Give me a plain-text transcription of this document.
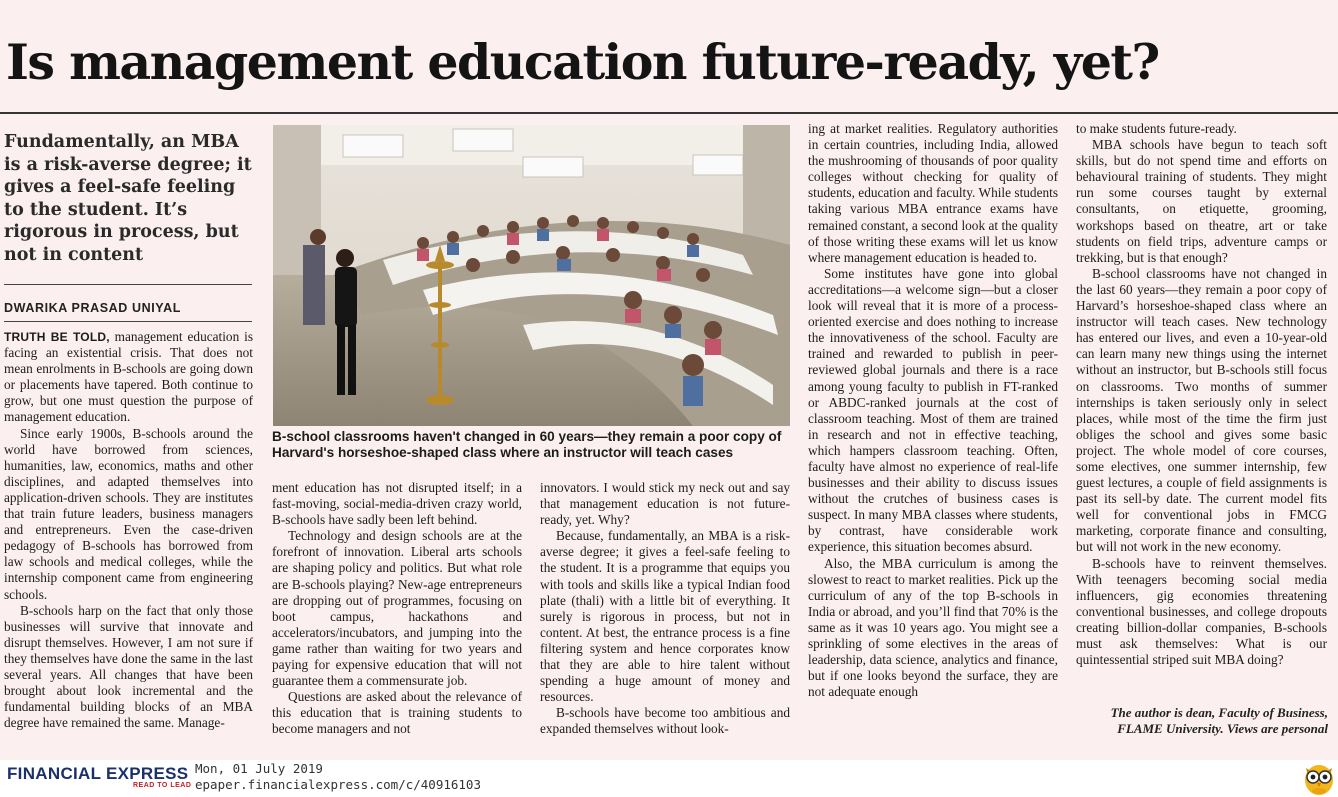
Is management education future-ready, yet?

Fundamentally, an MBA is a risk-averse degree; it gives a feel-safe feeling to the student. It’s rigorous in process, but not in content

DWARIKA PRASAD UNIYAL

TRUTH BE TOLD, management education is facing an existential crisis. That does not mean enrolments in B-schools are going down or placements have tapered. Both continue to grow, but one must question the purpose of management education.

Since early 1900s, B-schools around the world have borrowed from sciences, humanities, law, economics, maths and other disciplines, and adapted themselves into application-driven schools. They are institutes that train future leaders, business managers and entrepreneurs. Even the case-driven pedagogy of B-schools has borrowed from law schools and medical colleges, while the internship component came from engineering schools.

B-schools harp on the fact that only those businesses will survive that innovate and disrupt themselves. However, I am not sure if they themselves have done the same in the last several years. All changes that have been brought about look incremental and the fundamental building blocks of an MBA degree have remained the same. Manage-

B-school classrooms haven't changed in 60 years—they remain a poor copy of Harvard's horseshoe-shaped class where an instructor will teach cases

ment education has not disrupted itself; in a fast-moving, social-media-driven crazy world, B-schools have sadly been left behind.

Technology and design schools are at the forefront of innovation. Liberal arts schools are shaping policy and politics. But what role are B-schools playing? New-age entrepreneurs are dropping out of programmes, focusing on boot campus, hackathons and accelerators/incubators, and jumping into the game rather than waiting for two years and paying for expensive education that will not guarantee them a commensurate job.

Questions are asked about the relevance of this education that is training students to become managers and not

innovators. I would stick my neck out and say that management education is not future-ready, yet. Why?

Because, fundamentally, an MBA is a risk-averse degree; it gives a feel-safe feeling to the student. It is a programme that equips you with tools and skills like a typical Indian food plate (thali) with a little bit of everything. It surely is rigorous in process, but not in content. At best, the entrance process is a fine filtering system and hence corporates know that they are able to hire talent without spending a huge amount of money and resources.

B-schools have become too ambitious and expanded themselves without look-

ing at market realities. Regulatory authorities in certain countries, including India, allowed the mushrooming of thousands of poor quality colleges without checking for quality of students, education and faculty. While students taking various MBA entrance exams have remained constant, a second look at the quality of those writing these exams will let us know where management education is headed to.

Some institutes have gone into global accreditations—a welcome sign—but a closer look will reveal that it is more of a process-oriented exercise and does nothing to increase the innovativeness of the school. Faculty are trained and rewarded to publish in peer-reviewed global journals and there is a race among young faculty to publish in FT-ranked or ABDC-ranked journals at the cost of classroom teaching. Most of them are trained in research and not in effective teaching, which hampers classroom teaching. Often, faculty have almost no experience of real-life businesses and their ability to discuss issues without the crutches of business cases is suspect. In many MBA classes where students, by contrast, have considerable work experience, this situation becomes absurd.

Also, the MBA curriculum is among the slowest to react to market realities. Pick up the curriculum of any of the top B-schools in India or abroad, and you’ll find that 70% is the same as it was 10 years ago. You might see a sprinkling of some electives in the areas of leadership, data science, analytics and finance, but if one looks beyond the surface, they are not adequate enough

to make students future-ready.

MBA schools have begun to teach soft skills, but do not spend time and efforts on behavioural training of students. They might run some courses taught by external consultants, on etiquette, grooming, workshops based on theatre, art or take students on field trips, adventure camps or trekking, but is that enough?

B-school classrooms have not changed in the last 60 years—they remain a poor copy of Harvard’s horseshoe-shaped class where an instructor will teach cases. New technology has entered our lives, and even a 10-year-old can learn many new things using the internet without an instructor, but B-schools still focus on classrooms. Two months of summer internships is taken seriously only in select places, while most of the time the firm just obliges the school and gives some basic project. The whole model of core courses, some electives, one summer internship, few guest lectures, a couple of field assignments is past its sell-by date. The current model fits well for conventional jobs in FMCG marketing, corporate finance and consulting, but will not work in the new economy.

B-schools have to reinvent themselves. With teenagers becoming social media influencers, gig economies threatening conventional businesses, and college dropouts creating billion-dollar companies, B-schools must ask themselves: What is our quintessential striped suit MBA doing?

The author is dean, Faculty of Business, FLAME University. Views are personal

FINANCIAL EXPRESS
READ TO LEAD
Mon, 01 July 2019
epaper.financialexpress.com/c/40916103
